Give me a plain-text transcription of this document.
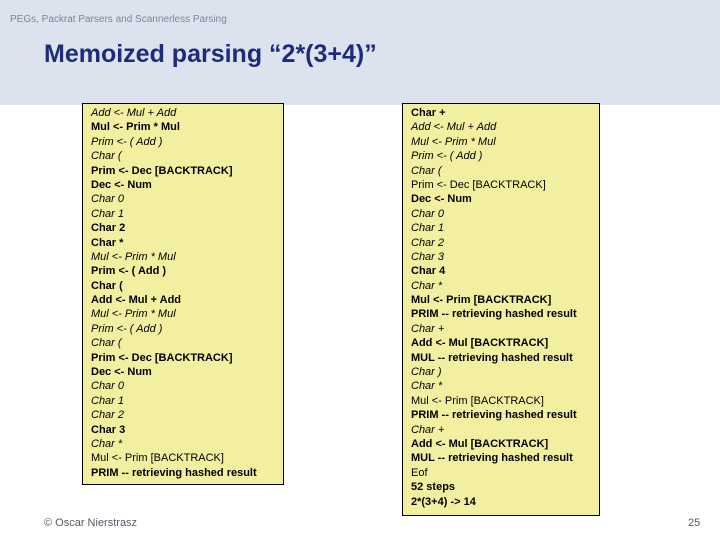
PEGs, Packrat Parsers and Scannerless Parsing
Memoized parsing “2*(3+4)”
Add <- Mul + Add
Mul <- Prim * Mul
Prim <- ( Add )
Char (
Prim <- Dec [BACKTRACK]
Dec <- Num
Char 0
Char 1
Char 2
Char *
Mul <- Prim * Mul
Prim <- ( Add )
Char (
Add <- Mul + Add
Mul <- Prim * Mul
Prim <- ( Add )
Char (
Prim <- Dec [BACKTRACK]
Dec <- Num
Char 0
Char 1
Char 2
Char 3
Char *
Mul <- Prim [BACKTRACK]
PRIM -- retrieving hashed result
Char +
Add <- Mul + Add
Mul <- Prim * Mul
Prim <- ( Add )
Char (
Prim <- Dec [BACKTRACK]
Dec <- Num
Char 0
Char 1
Char 2
Char 3
Char 4
Char *
Mul <- Prim [BACKTRACK]
PRIM -- retrieving hashed result
Char +
Add <- Mul [BACKTRACK]
MUL -- retrieving hashed result
Char )
Char *
Mul <- Prim [BACKTRACK]
PRIM -- retrieving hashed result
Char +
Add <- Mul [BACKTRACK]
MUL -- retrieving hashed result
Eof
52 steps
2*(3+4) -> 14
© Oscar Nierstrasz	25
